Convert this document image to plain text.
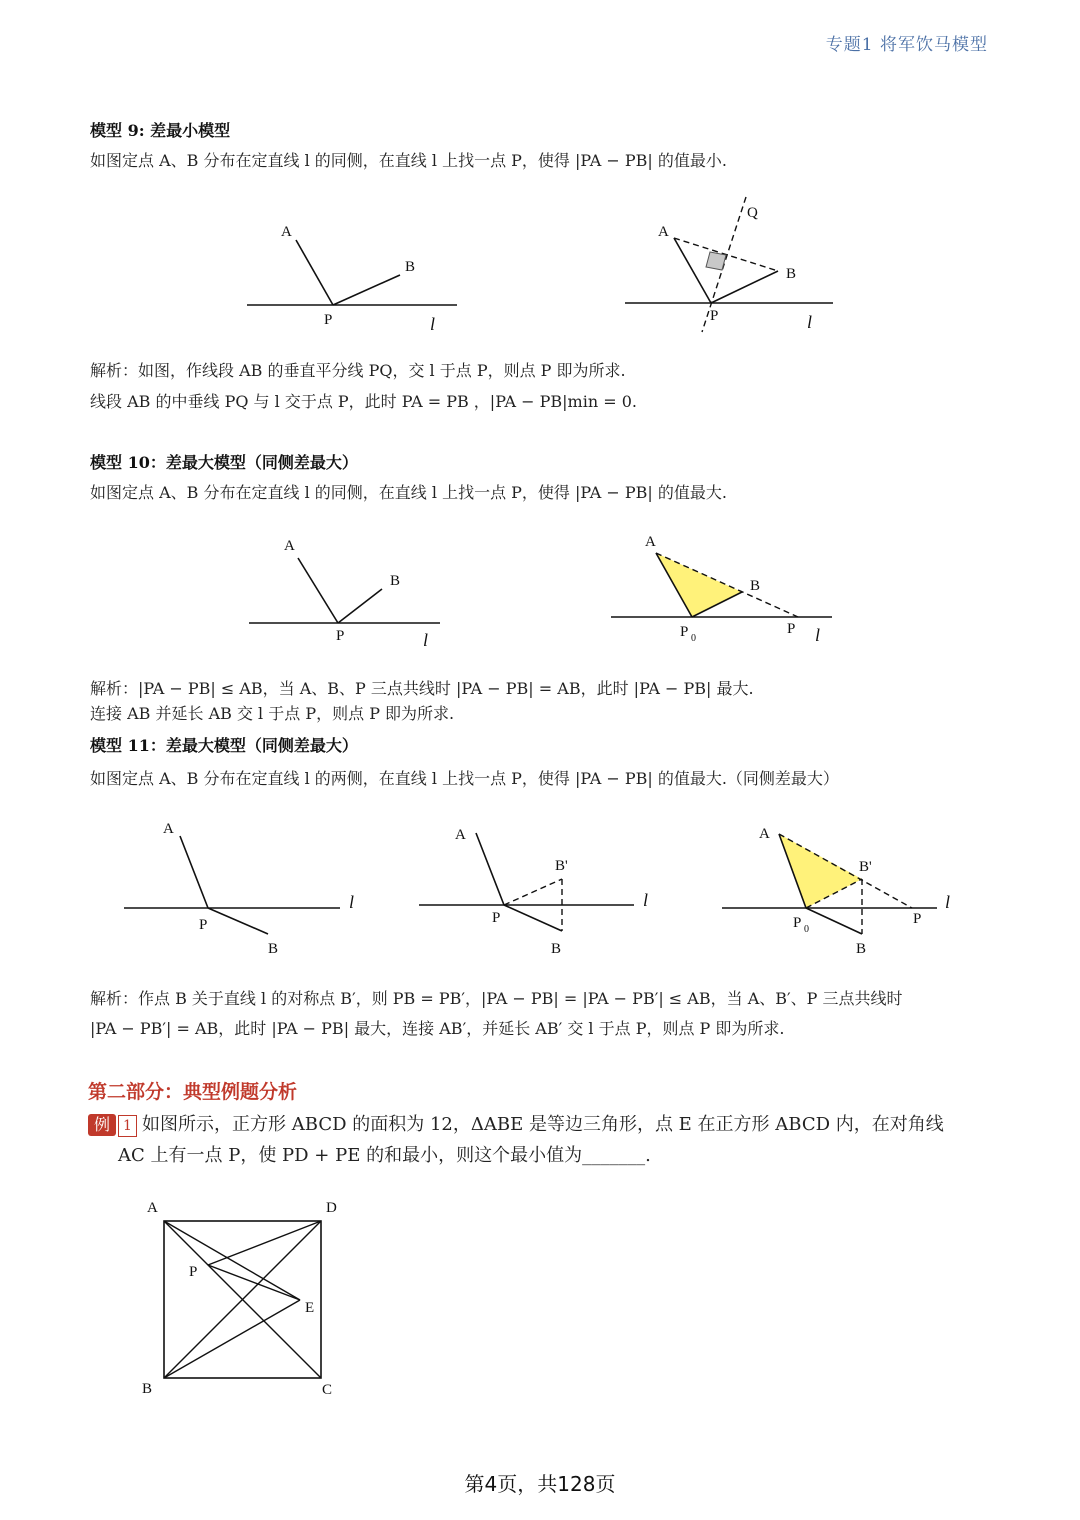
专题1 将军饮马模型
模型 9: 差最小模型
如图定点 A、B 分布在定直线 l 的同侧，在直线 l 上找一点 P，使得 |PA − PB| 的值最小.
A
B
P	l
A
B
Q
P	l
A
B
P	l
A
B
P 0
P l
A
P
B
l
A
B'
P
B
l
A
B'
P 0
P
B
l
A	D
P
E
B	C
解析：如图，作线段 AB 的垂直平分线 PQ，交 l 于点 P，则点 P 即为所求.
线段 AB 的中垂线 PQ 与 l 交于点 P，此时 PA = PB ，|PA − PB|min = 0.
模型 10：差最大模型（同侧差最大）
如图定点 A、B 分布在定直线 l 的同侧，在直线 l 上找一点 P，使得 |PA − PB| 的值最大.
解析：|PA − PB| ≤ AB，当 A、B、P 三点共线时 |PA − PB| = AB，此时 |PA − PB| 最大.
连接 AB 并延长 AB 交 l 于点 P，则点 P 即为所求.
模型 11：差最大模型（同侧差最大）
如图定点 A、B 分布在定直线 l 的两侧，在直线 l 上找一点 P，使得 |PA − PB| 的值最大.（同侧差最大）
解析：作点 B 关于直线 l 的对称点 B′，则 PB = PB′，|PA − PB| = |PA − PB′| ≤ AB，当 A、B′、P 三点共线时
|PA − PB′| = AB，此时 |PA − PB| 最大，连接 AB′，并延长 AB′ 交 l 于点 P，则点 P 即为所求.
第二部分：典型例题分析
例 1 如图所示，正方形 ABCD 的面积为 12，ΔABE 是等边三角形，点 E 在正方形 ABCD 内，在对角线
AC 上有一点 P，使 PD + PE 的和最小，则这个最小值为_______.
第4页，共128页
